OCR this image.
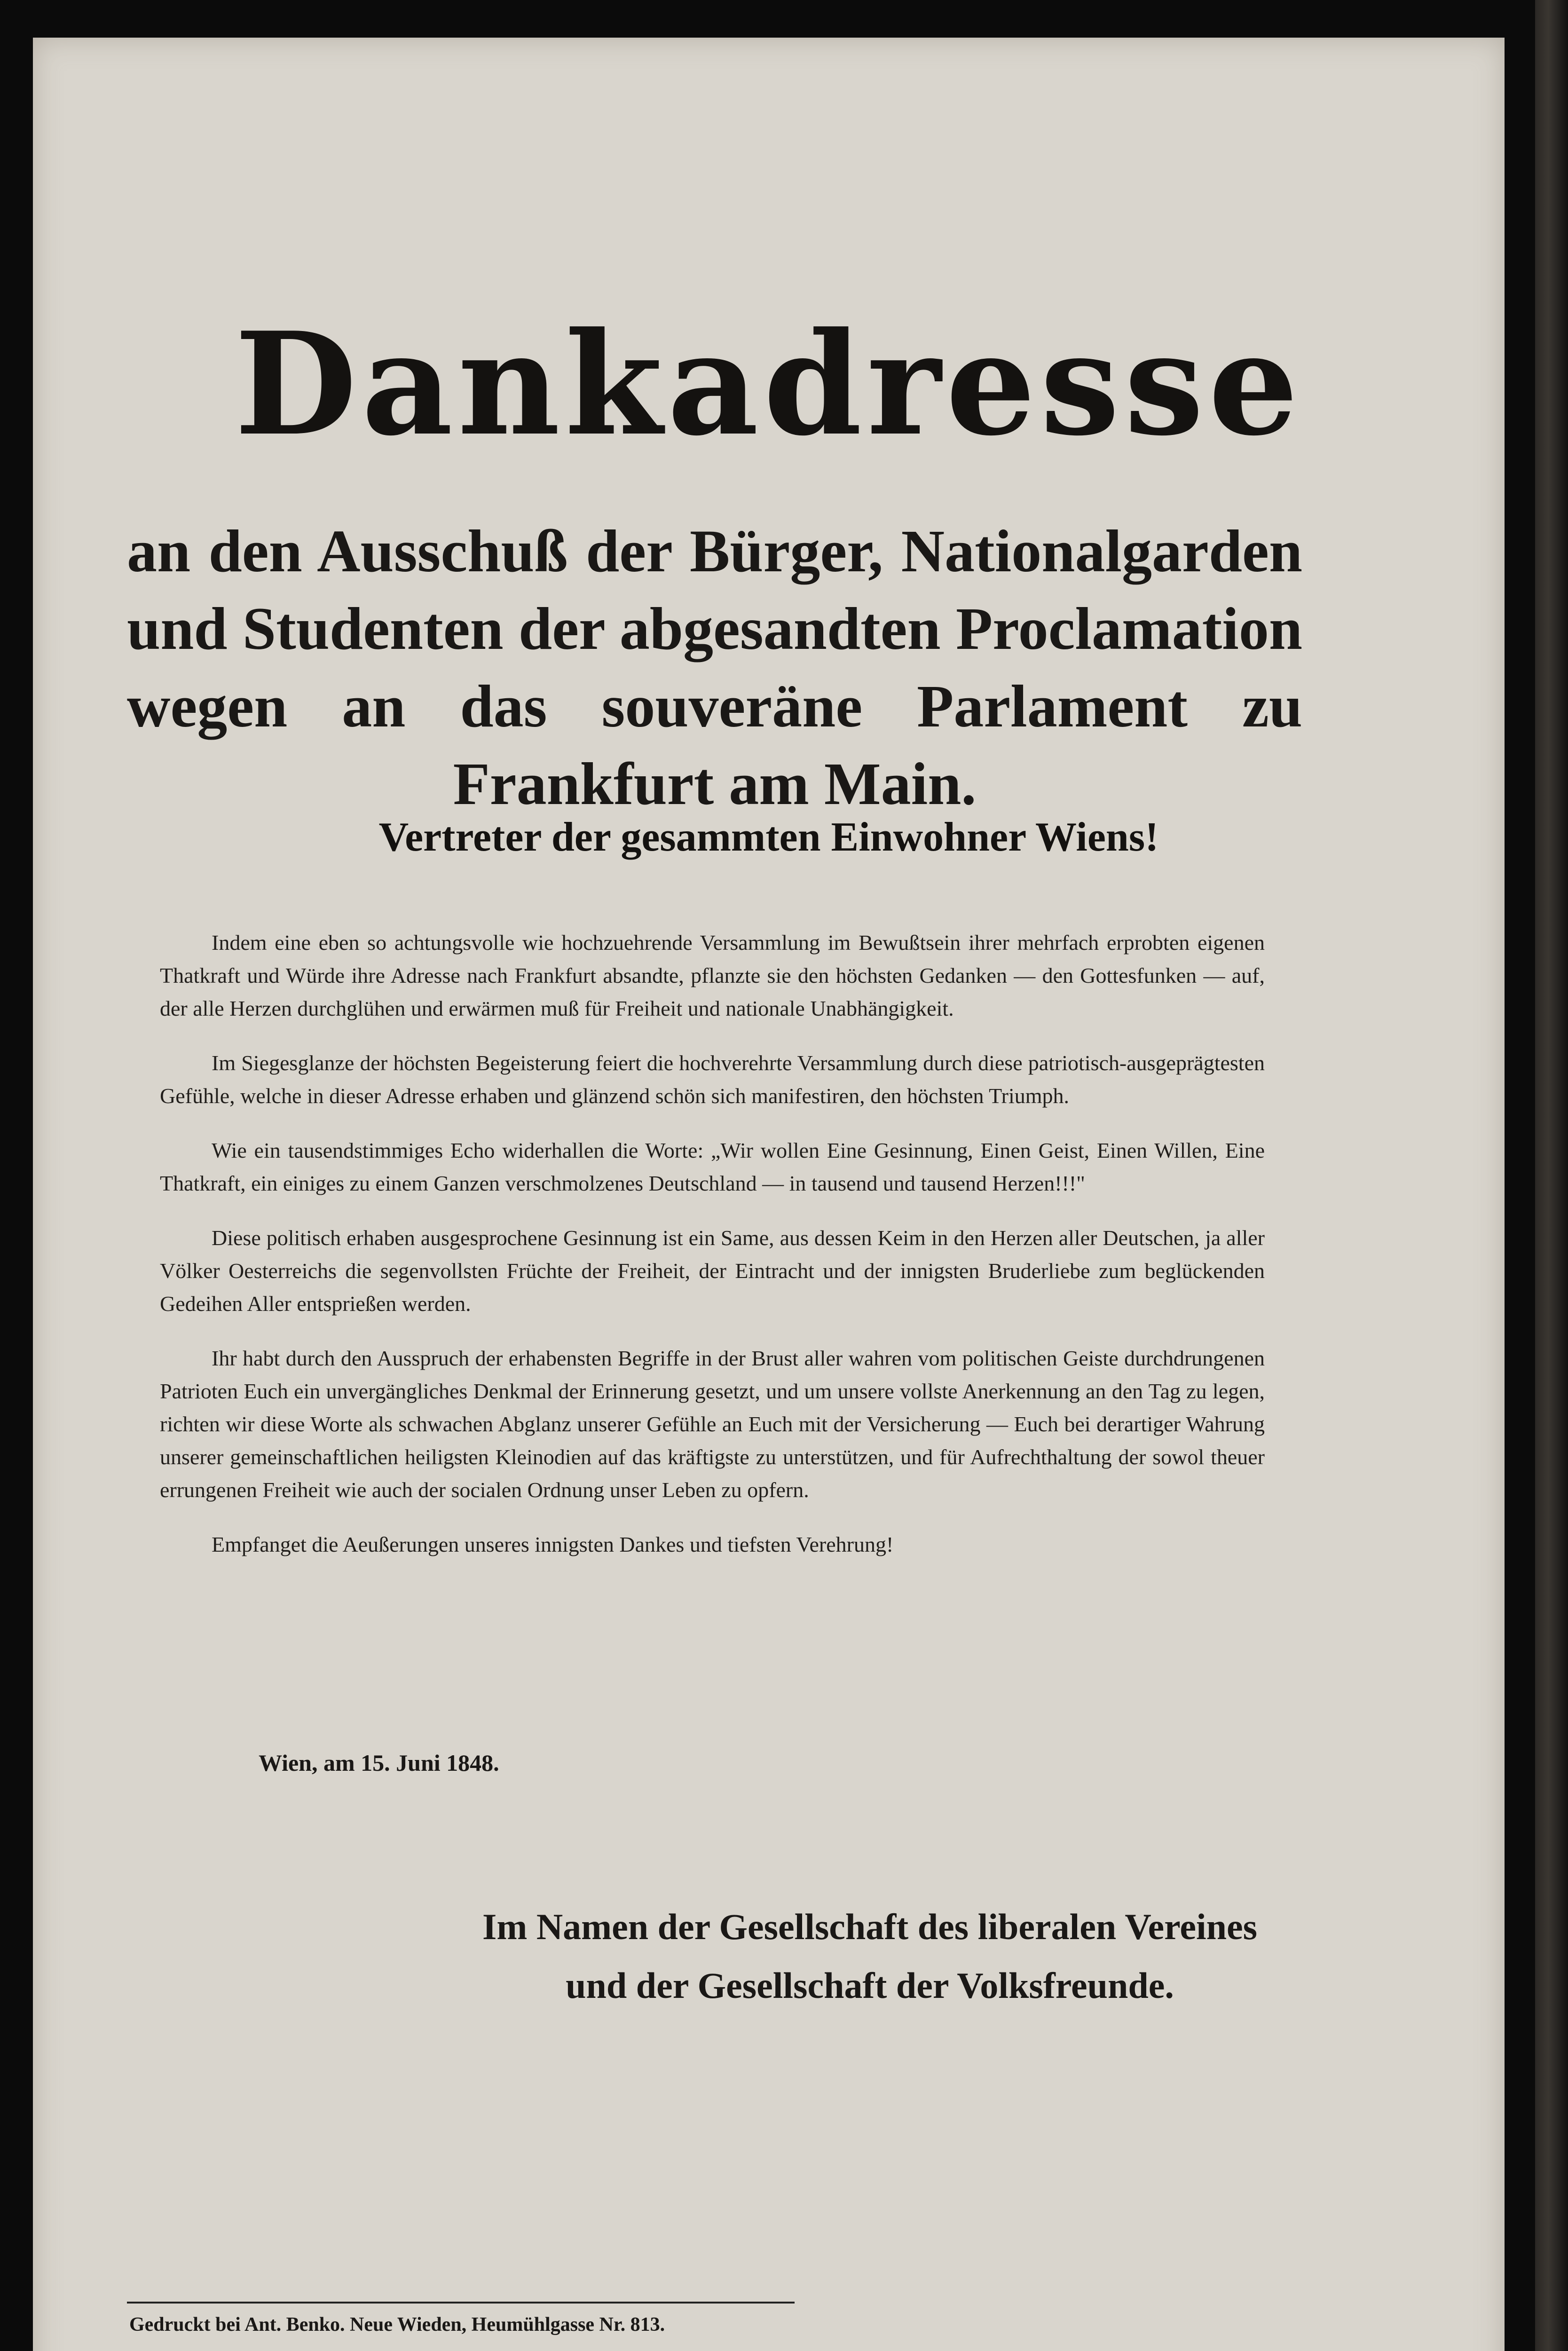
Dankadresse
an den Ausschuß der Bürger, Nationalgarden und Studenten der abgesandten Proclamation wegen an das souveräne Parlament zu Frankfurt am Main.
Vertreter der gesammten Einwohner Wiens!

Indem eine eben so achtungsvolle wie hochzuehrende Versammlung im Bewußtsein ihrer mehrfach erprobten eigenen Thatkraft und Würde ihre Adresse nach Frankfurt absandte, pflanzte sie den höchsten Gedanken — den Gottesfunken — auf, der alle Herzen durchglühen und erwärmen muß für Freiheit und nationale Unabhängigkeit.

Im Siegesglanze der höchsten Begeisterung feiert die hochverehrte Versammlung durch diese patriotisch-ausgeprägtesten Gefühle, welche in dieser Adresse erhaben und glänzend schön sich manifestiren, den höchsten Triumph.

Wie ein tausendstimmiges Echo widerhallen die Worte: „Wir wollen Eine Gesinnung, Einen Geist, Einen Willen, Eine Thatkraft, ein einiges zu einem Ganzen verschmolzenes Deutschland — in tausend und tausend Herzen!!!"

Diese politisch erhaben ausgesprochene Gesinnung ist ein Same, aus dessen Keim in den Herzen aller Deutschen, ja aller Völker Oesterreichs die segenvollsten Früchte der Freiheit, der Eintracht und der innigsten Bruderliebe zum beglückenden Gedeihen Aller entsprießen werden.

Ihr habt durch den Ausspruch der erhabensten Begriffe in der Brust aller wahren vom politischen Geiste durchdrungenen Patrioten Euch ein unvergängliches Denkmal der Erinnerung gesetzt, und um unsere vollste Anerkennung an den Tag zu legen, richten wir diese Worte als schwachen Abglanz unserer Gefühle an Euch mit der Versicherung — Euch bei derartiger Wahrung unserer gemeinschaftlichen heiligsten Kleinodien auf das kräftigste zu unterstützen, und für Aufrechthaltung der sowol theuer errungenen Freiheit wie auch der socialen Ordnung unser Leben zu opfern.

Empfanget die Aeußerungen unseres innigsten Dankes und tiefsten Verehrung!

Wien, am 15. Juni 1848.
Im Namen der Gesellschaft des liberalen Vereines
und der Gesellschaft der Volksfreunde.
Gedruckt bei Ant. Benko. Neue Wieden, Heumühlgasse Nr. 813.
